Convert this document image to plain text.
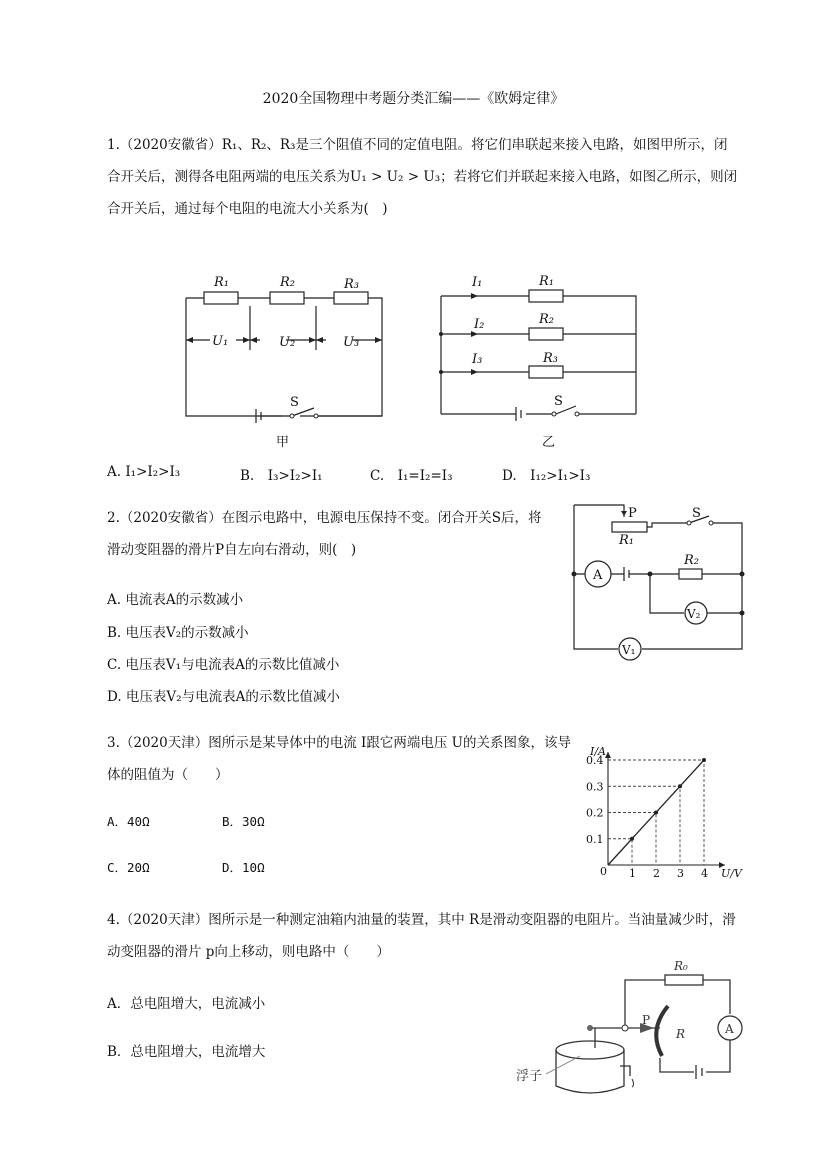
2020全国物理中考题分类汇编——《欧姆定律》
1.（2020安徽省）R₁、R₂、R₃是三个阻值不同的定值电阻。将它们串联起来接入电路，如图甲所示，闭
合开关后，测得各电阻两端的电压关系为U₁ > U₂ > U₃；若将它们并联起来接入电路，如图乙所示，则闭
合开关后，通过每个电阻的电流大小关系为(　)
R₁	R₂	R₃
U₁	U₂	U₃
S
甲
I₁	R₁
I₂	R₂
I₃	R₃
S
乙
A. I₁>I₂>I₃	B.　I₃>I₂>I₁	C.　I₁=I₂=I₃	D.　I₁₂>I₁>I₃
2.（2020安徽省）在图示电路中，电源电压保持不变。闭合开关S后，将
滑动变阻器的滑片P自左向右滑动，则(　)
A. 电流表A的示数减小
B. 电压表V₂的示数减小
C. 电压表V₁与电流表A的示数比值减小
D. 电压表V₂与电流表A的示数比值减小
P	S
R₁
R₂
A
V₂
V₁
3.（2020天津）图所示是某导体中的电流 I跟它两端电压 U的关系图象，该导
体的阻值为（　　）
A．40Ω	B．30Ω
C．20Ω	D．10Ω	1 2 3 4
0.1
0.2
0.3
0.4
0
I/A
U/V
4.（2020天津）图所示是一种测定油箱内油量的装置，其中 R是滑动变阻器的电阻片。当油量减少时，滑
动变阻器的滑片 p向上移动，则电路中（　　）
A．总电阻增大，电流减小
B．总电阻增大，电流增大
R₀
P
R	A
浮子
